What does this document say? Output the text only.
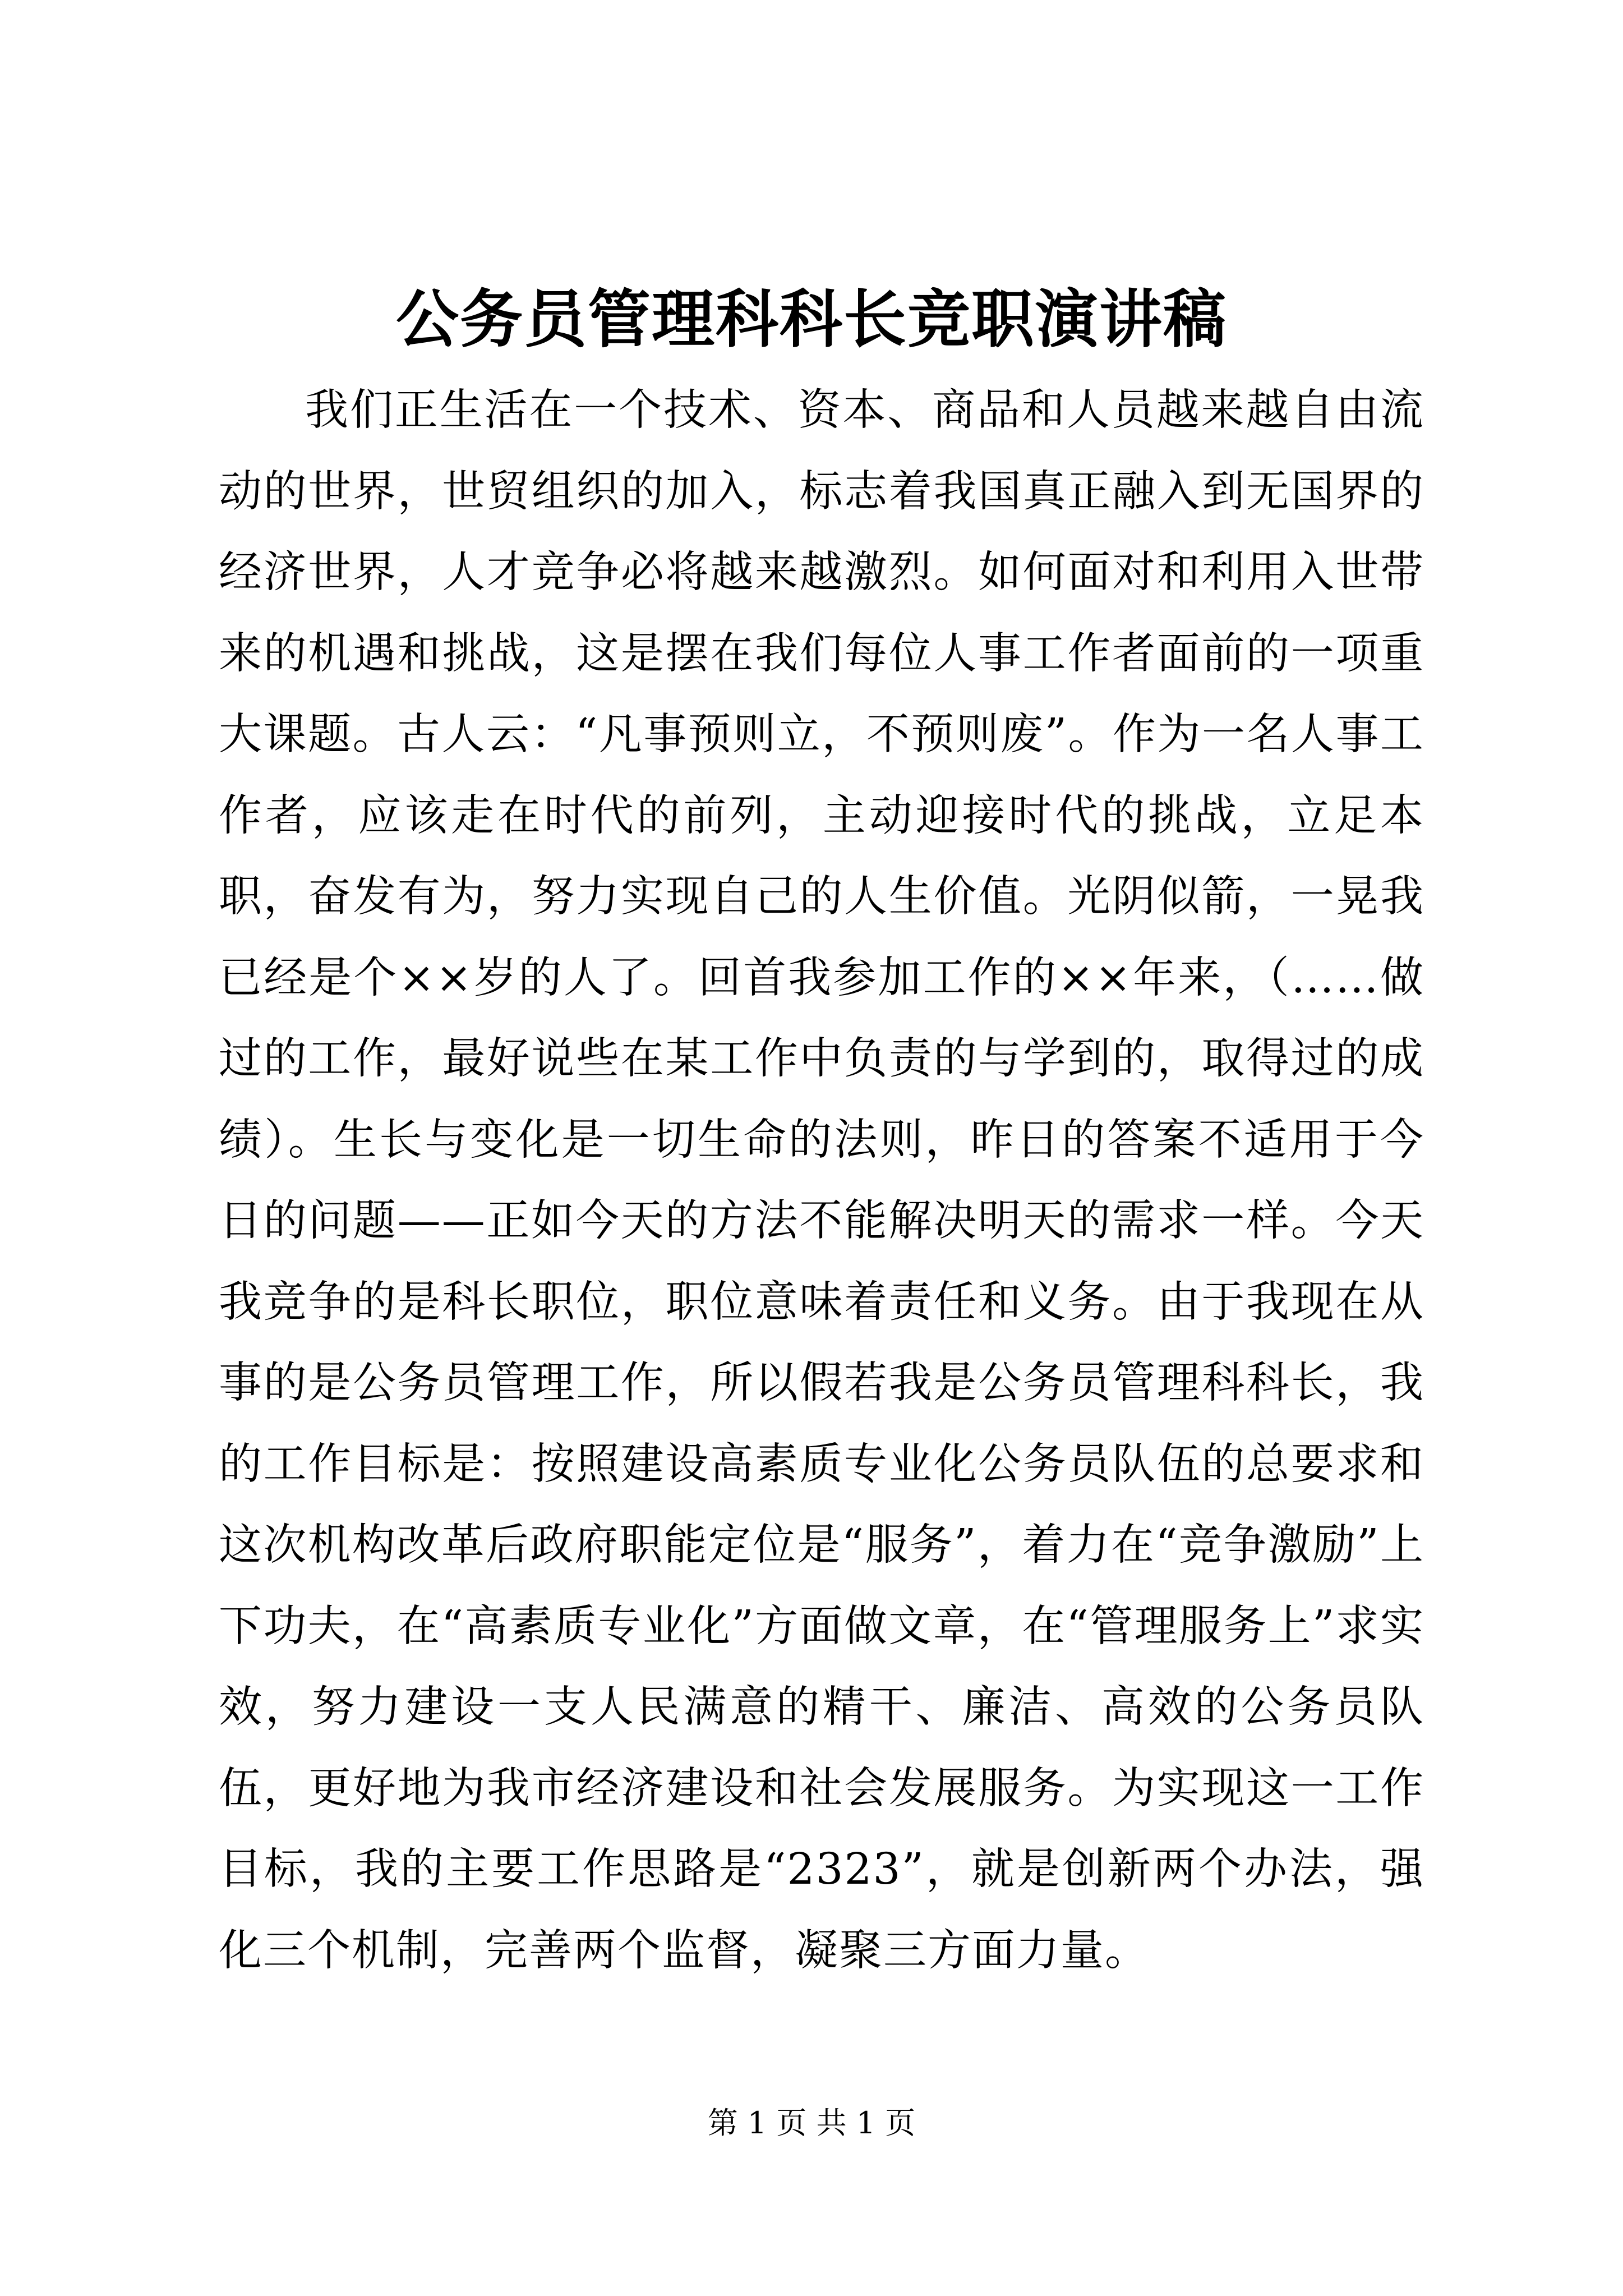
公务员管理科科长竞职演讲稿

我们正生活在一个技术、资本、商品和人员越来越自由流动的世界，世贸组织的加入，标志着我国真正融入到无国界的经济世界，人才竞争必将越来越激烈。如何面对和利用入世带来的机遇和挑战，这是摆在我们每位人事工作者面前的一项重大课题。古人云：“凡事预则立，不预则废”。作为一名人事工作者，应该走在时代的前列，主动迎接时代的挑战，立足本职，奋发有为，努力实现自己的人生价值。光阴似箭，一晃我已经是个××岁的人了。回首我参加工作的××年来，（……做过的工作，最好说些在某工作中负责的与学到的，取得过的成绩）。生长与变化是一切生命的法则，昨日的答案不适用于今日的问题——正如今天的方法不能解决明天的需求一样。今天我竞争的是科长职位，职位意味着责任和义务。由于我现在从事的是公务员管理工作，所以假若我是公务员管理科科长，我的工作目标是：按照建设高素质专业化公务员队伍的总要求和这次机构改革后政府职能定位是“服务”，着力在“竞争激励”上下功夫，在“高素质专业化”方面做文章，在“管理服务上”求实效，努力建设一支人民满意的精干、廉洁、高效的公务员队伍，更好地为我市经济建设和社会发展服务。为实现这一工作目标，我的主要工作思路是“2323”，就是创新两个办法，强化三个机制，完善两个监督，凝聚三方面力量。

第 1 页 共 1 页
